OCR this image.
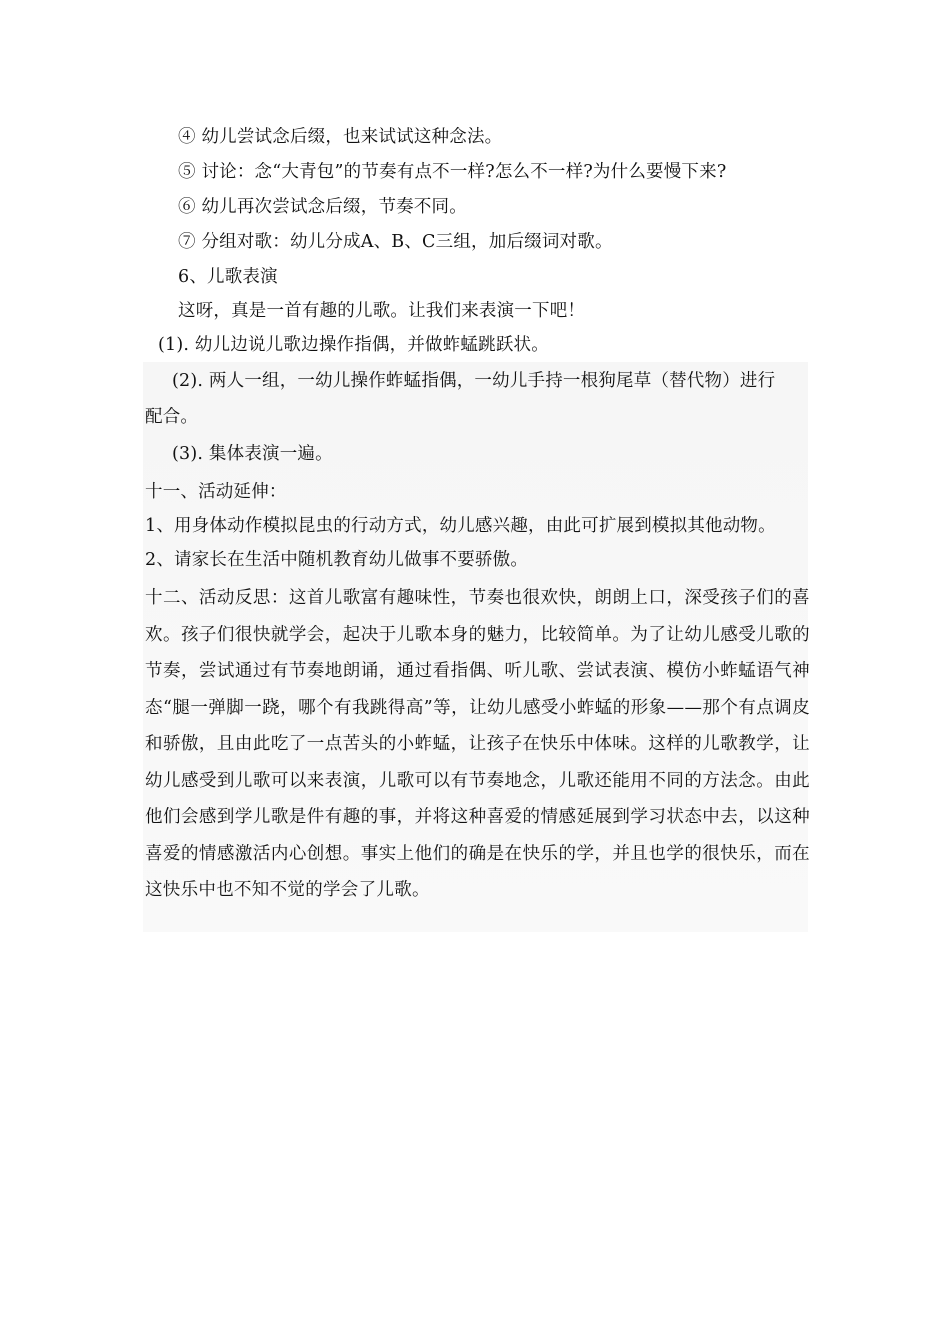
④ 幼儿尝试念后缀，也来试试这种念法。
⑤ 讨论：念“大青包”的节奏有点不一样?怎么不一样?为什么要慢下来?
⑥ 幼儿再次尝试念后缀，节奏不同。
⑦ 分组对歌：幼儿分成A、B、C三组，加后缀词对歌。
6、儿歌表演
这呀，真是一首有趣的儿歌。让我们来表演一下吧！
(1). 幼儿边说儿歌边操作指偶，并做蚱蜢跳跃状。
(2). 两人一组，一幼儿操作蚱蜢指偶，一幼儿手持一根狗尾草（替代物）进行
配合。
(3). 集体表演一遍。
十一、活动延伸：
1、用身体动作模拟昆虫的行动方式，幼儿感兴趣，由此可扩展到模拟其他动物。
2、请家长在生活中随机教育幼儿做事不要骄傲。
十二、活动反思：这首儿歌富有趣味性，节奏也很欢快，朗朗上口，深受孩子们的喜欢。孩子们很快就学会，起决于儿歌本身的魅力，比较简单。为了让幼儿感受儿歌的节奏，尝试通过有节奏地朗诵，通过看指偶、听儿歌、尝试表演、模仿小蚱蜢语气神态“腿一弹脚一跷，哪个有我跳得高”等，让幼儿感受小蚱蜢的形象——那个有点调皮和骄傲，且由此吃了一点苦头的小蚱蜢，让孩子在快乐中体味。这样的儿歌教学，让幼儿感受到儿歌可以来表演，儿歌可以有节奏地念，儿歌还能用不同的方法念。由此他们会感到学儿歌是件有趣的事，并将这种喜爱的情感延展到学习状态中去，以这种喜爱的情感激活内心创想。事实上他们的确是在快乐的学，并且也学的很快乐，而在这快乐中也不知不觉的学会了儿歌。
